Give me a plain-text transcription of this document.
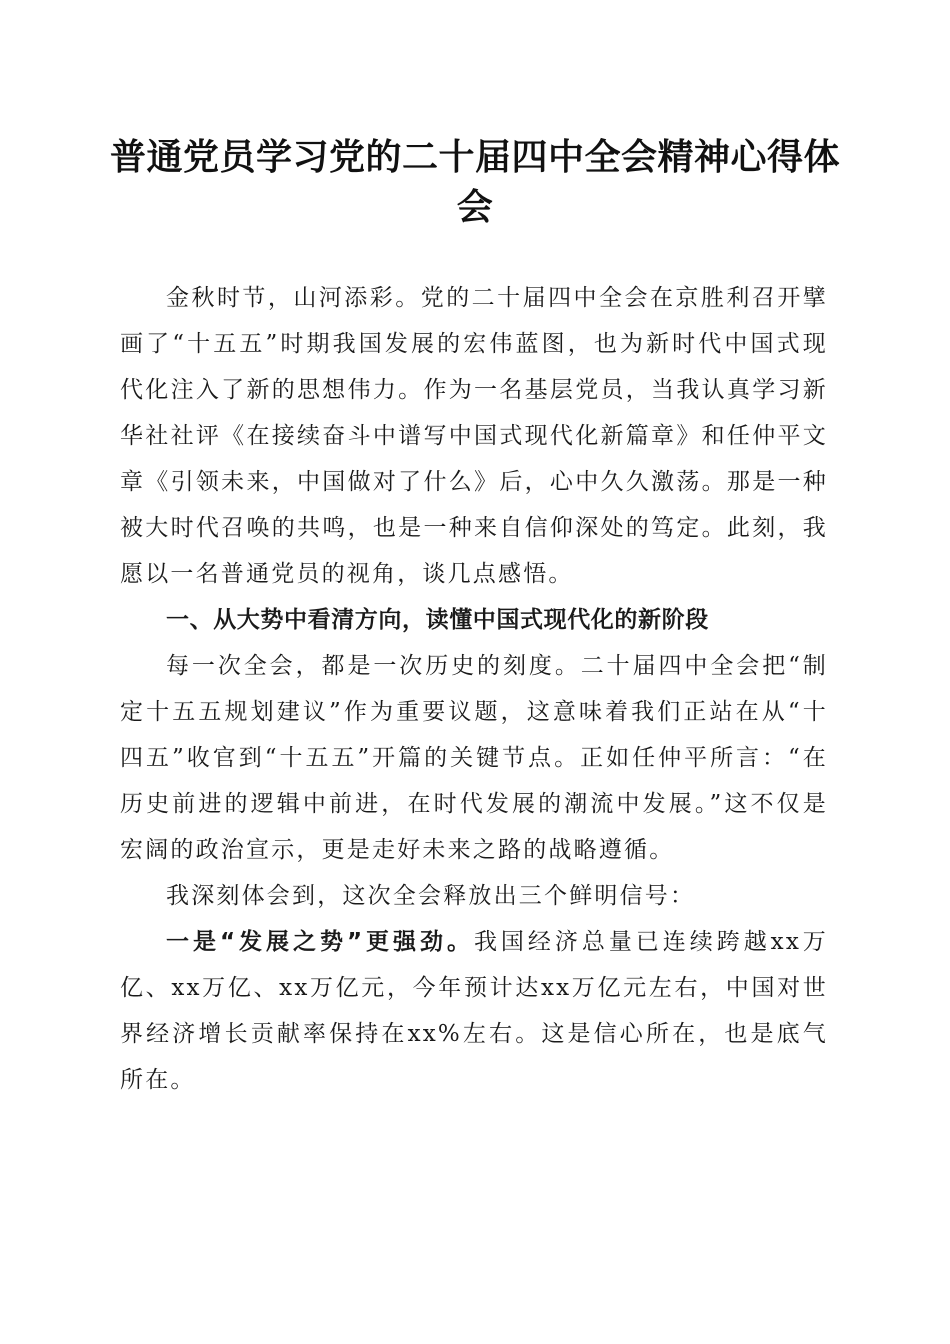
普通党员学习党的二十届四中全会精神心得体会

金秋时节，山河添彩。党的二十届四中全会在京胜利召开擘画了“十五五”时期我国发展的宏伟蓝图，也为新时代中国式现代化注入了新的思想伟力。作为一名基层党员，当我认真学习新华社社评《在接续奋斗中谱写中国式现代化新篇章》和任仲平文章《引领未来，中国做对了什么》后，心中久久激荡。那是一种被大时代召唤的共鸣，也是一种来自信仰深处的笃定。此刻，我愿以一名普通党员的视角，谈几点感悟。

一、从大势中看清方向，读懂中国式现代化的新阶段

每一次全会，都是一次历史的刻度。二十届四中全会把“制定十五五规划建议”作为重要议题，这意味着我们正站在从“十四五”收官到“十五五”开篇的关键节点。正如任仲平所言：“在历史前进的逻辑中前进，在时代发展的潮流中发展。”这不仅是宏阔的政治宣示，更是走好未来之路的战略遵循。

我深刻体会到，这次全会释放出三个鲜明信号：

一是“发展之势”更强劲。我国经济总量已连续跨越xx万亿、xx万亿、xx万亿元，今年预计达xx万亿元左右，中国对世界经济增长贡献率保持在xx%左右。这是信心所在，也是底气所在。
